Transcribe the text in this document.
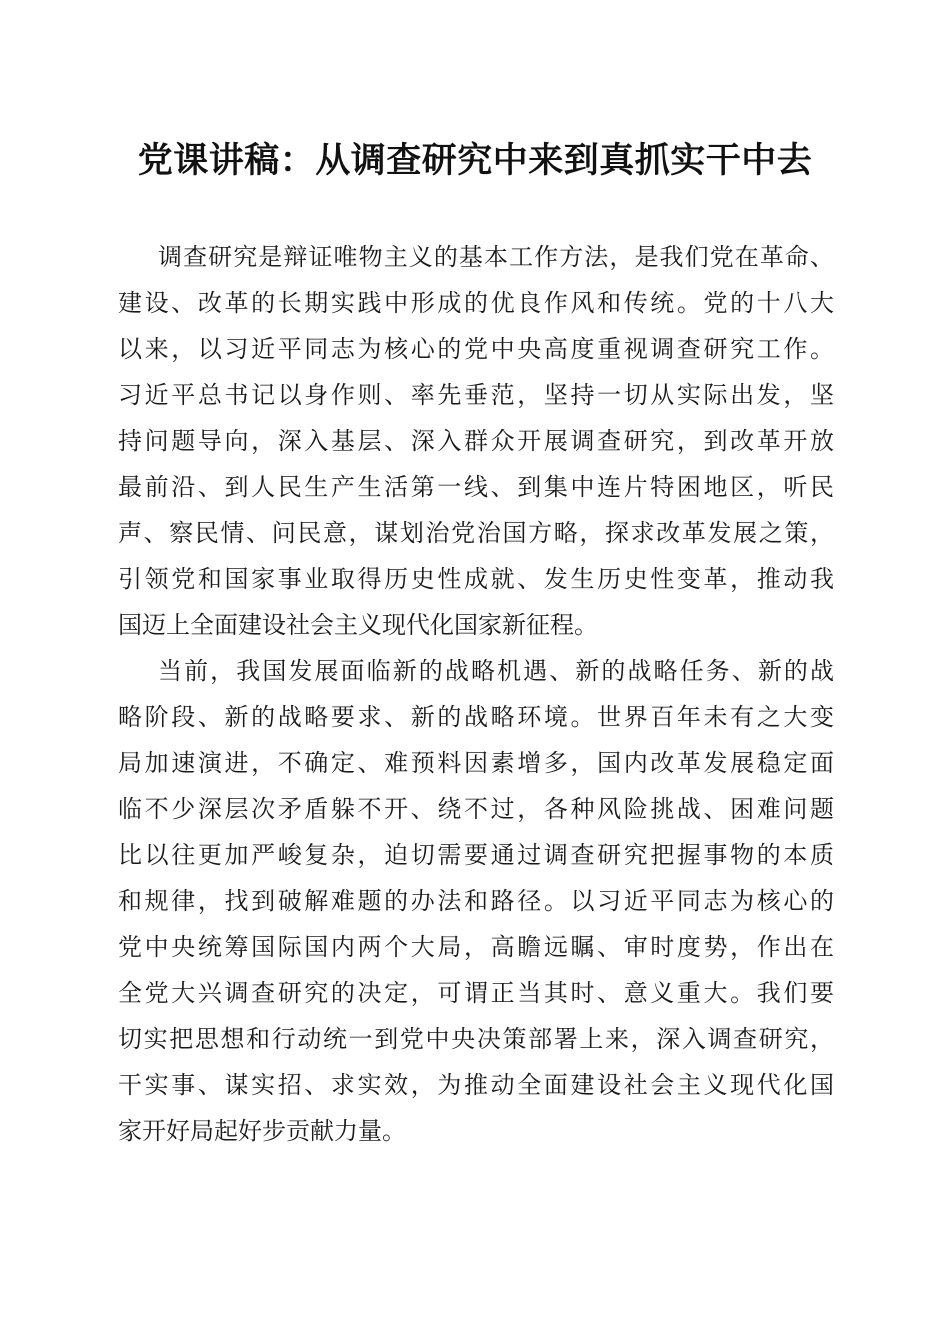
党课讲稿：从调查研究中来到真抓实干中去
调查研究是辩证唯物主义的基本工作方法，是我们党在革命、
建设、改革的长期实践中形成的优良作风和传统。党的十八大
以来，以习近平同志为核心的党中央高度重视调查研究工作。
习近平总书记以身作则、率先垂范，坚持一切从实际出发，坚
持问题导向，深入基层、深入群众开展调查研究，到改革开放
最前沿、到人民生产生活第一线、到集中连片特困地区，听民
声、察民情、问民意，谋划治党治国方略，探求改革发展之策，
引领党和国家事业取得历史性成就、发生历史性变革，推动我
国迈上全面建设社会主义现代化国家新征程。
当前，我国发展面临新的战略机遇、新的战略任务、新的战
略阶段、新的战略要求、新的战略环境。世界百年未有之大变
局加速演进，不确定、难预料因素增多，国内改革发展稳定面
临不少深层次矛盾躲不开、绕不过，各种风险挑战、困难问题
比以往更加严峻复杂，迫切需要通过调查研究把握事物的本质
和规律，找到破解难题的办法和路径。以习近平同志为核心的
党中央统筹国际国内两个大局，高瞻远瞩、审时度势，作出在
全党大兴调查研究的决定，可谓正当其时、意义重大。我们要
切实把思想和行动统一到党中央决策部署上来，深入调查研究，
干实事、谋实招、求实效，为推动全面建设社会主义现代化国
家开好局起好步贡献力量。
